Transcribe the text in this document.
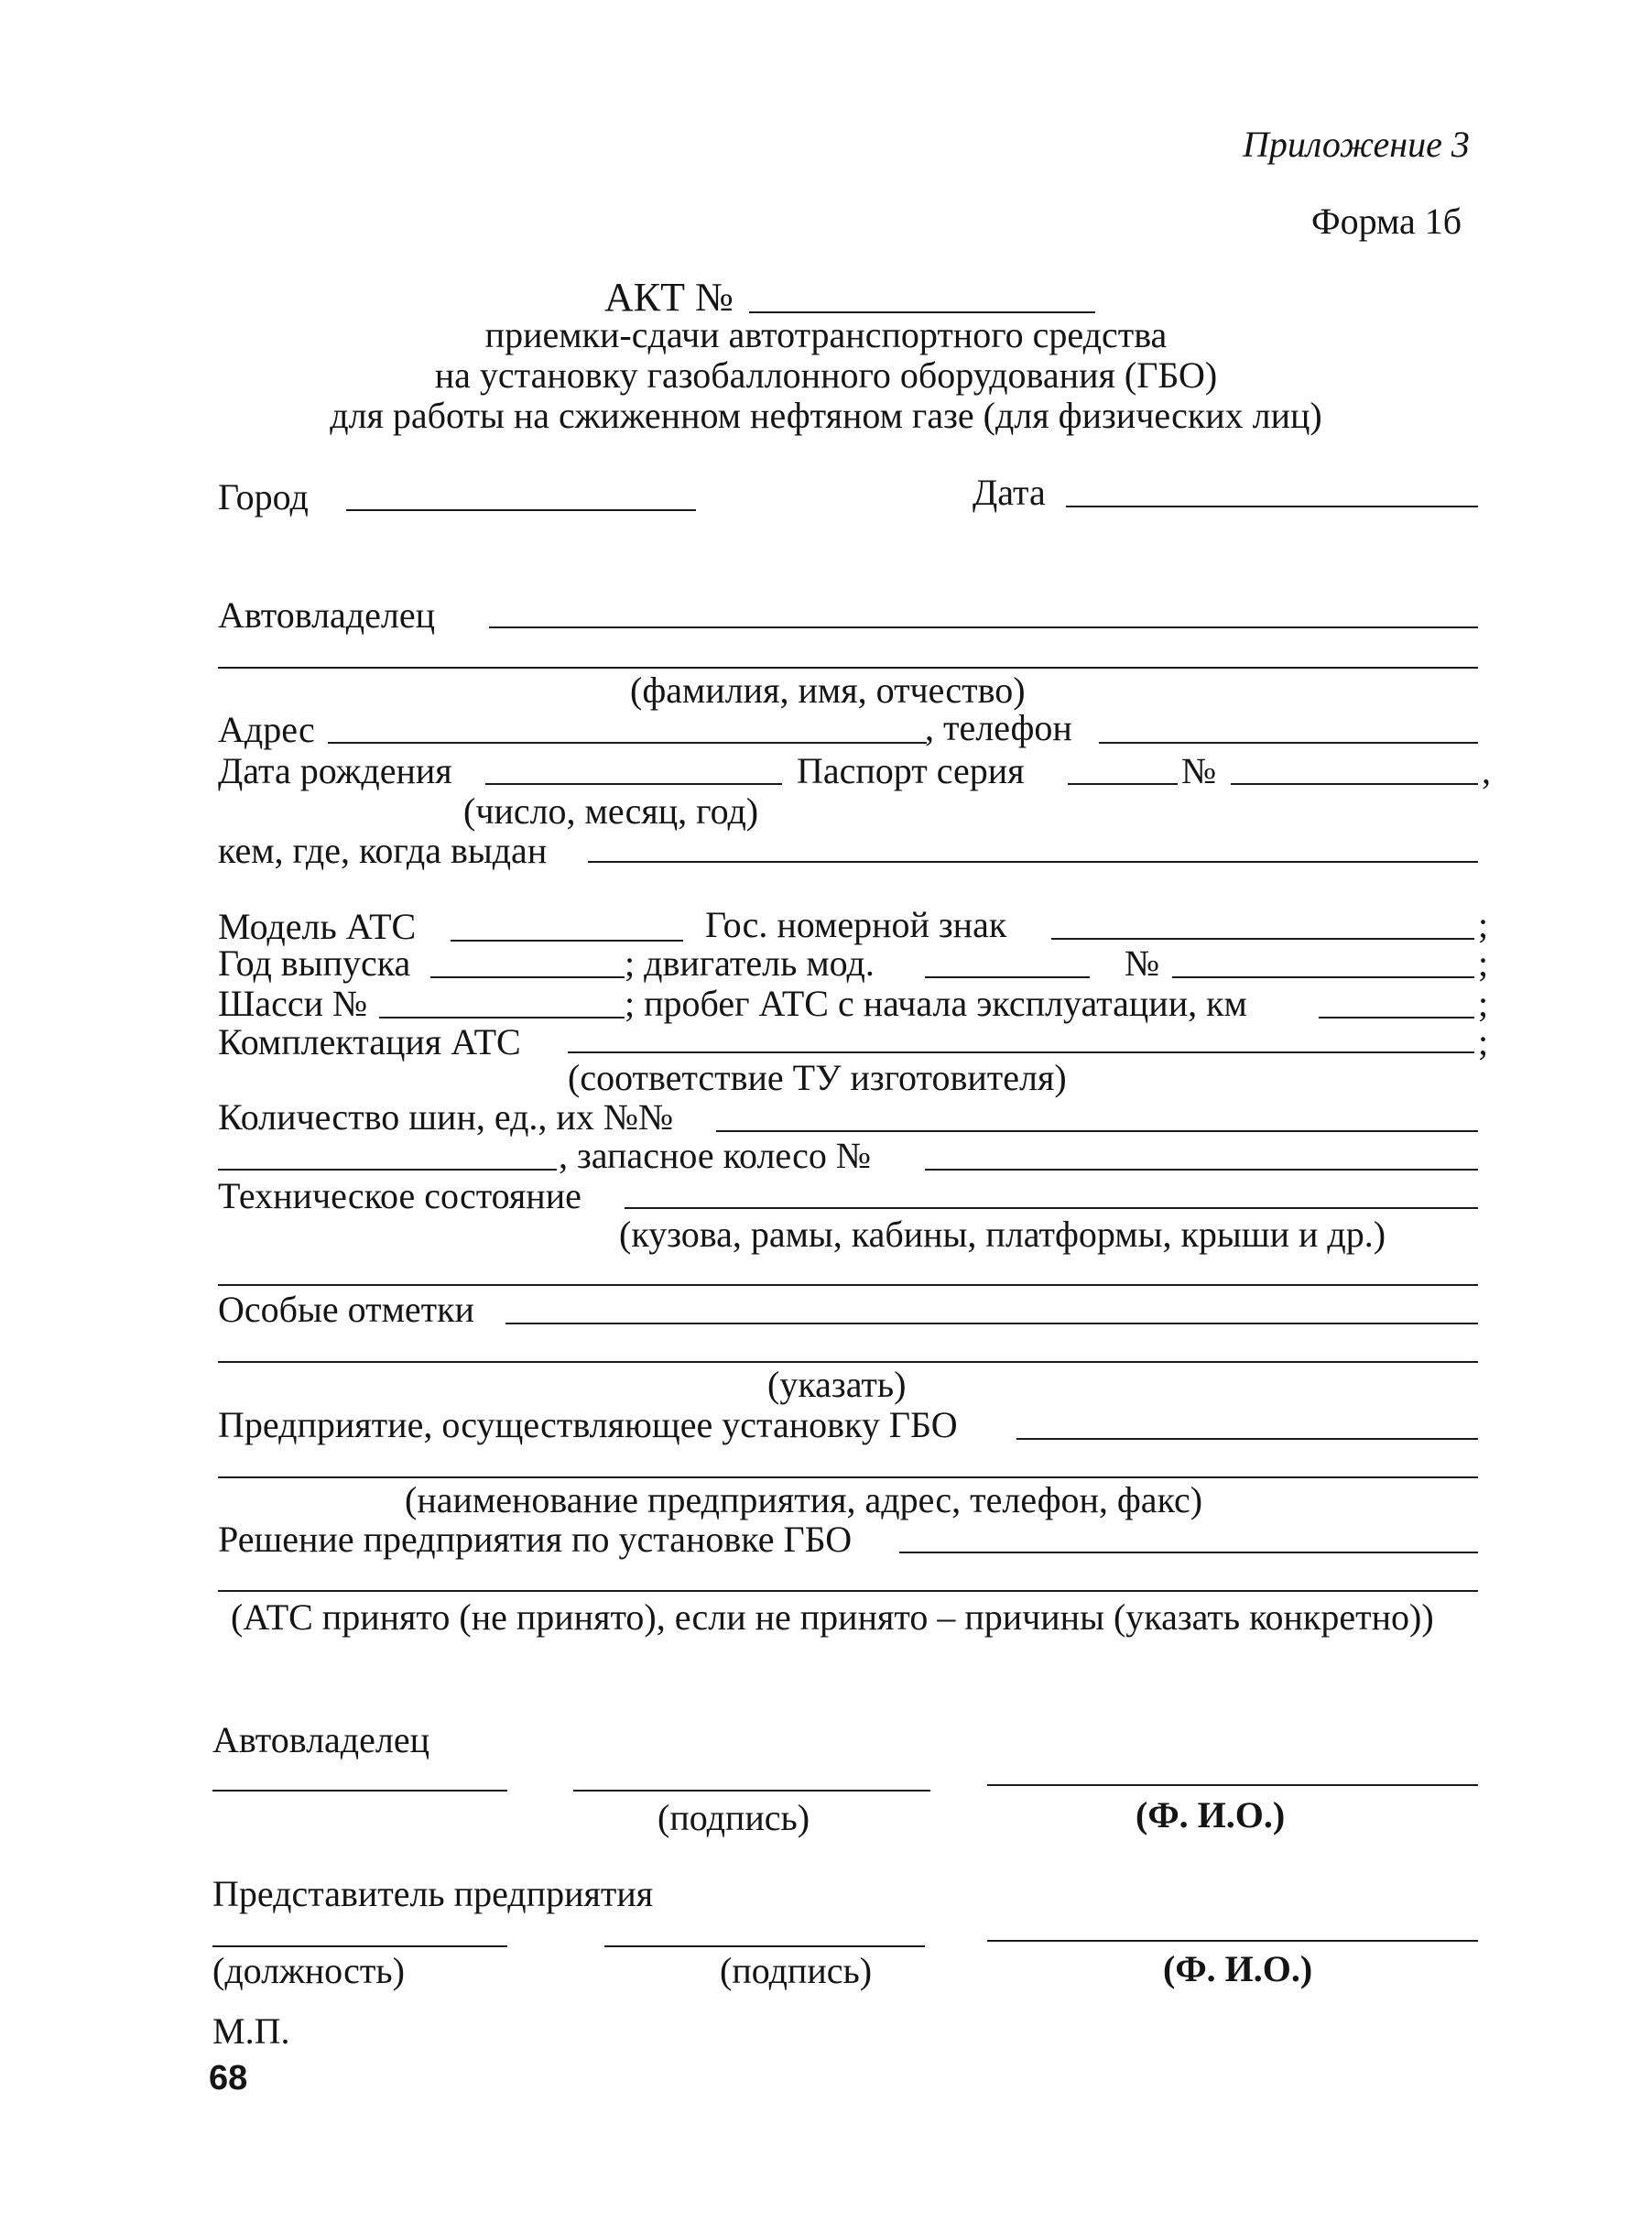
Приложение 3
Форма 1б
АКТ №
приемки-сдачи автотранспортного средства
на установку газобаллонного оборудования (ГБО)
для работы на сжиженном нефтяном газе (для физических лиц)
Город	Дата
Автовладелец
(фамилия, имя, отчество)
Адрес	, телефон
Дата рождения	Паспорт серия	№	,
(число, месяц, год)
кем, где, когда выдан
Модель АТС	Гос. номерной знак	;
Год выпуска	; двигатель мод.	№	;
Шасси №	; пробег АТС с начала эксплуатации, км	;
Комплектация АТС	;
(соответствие ТУ изготовителя)
Количество шин, ед., их №№
, запасное колесо №
Техническое состояние
(кузова, рамы, кабины, платформы, крыши и др.)
Особые отметки
(указать)
Предприятие, осуществляющее установку ГБО
(наименование предприятия, адрес, телефон, факс)
Решение предприятия по установке ГБО
(АТС принято (не принято), если не принято – причины (указать конкретно))
Автовладелец
(подпись)	(Ф. И.О.)
Представитель предприятия
(должность)	(подпись)	(Ф. И.О.)
М.П.
68
